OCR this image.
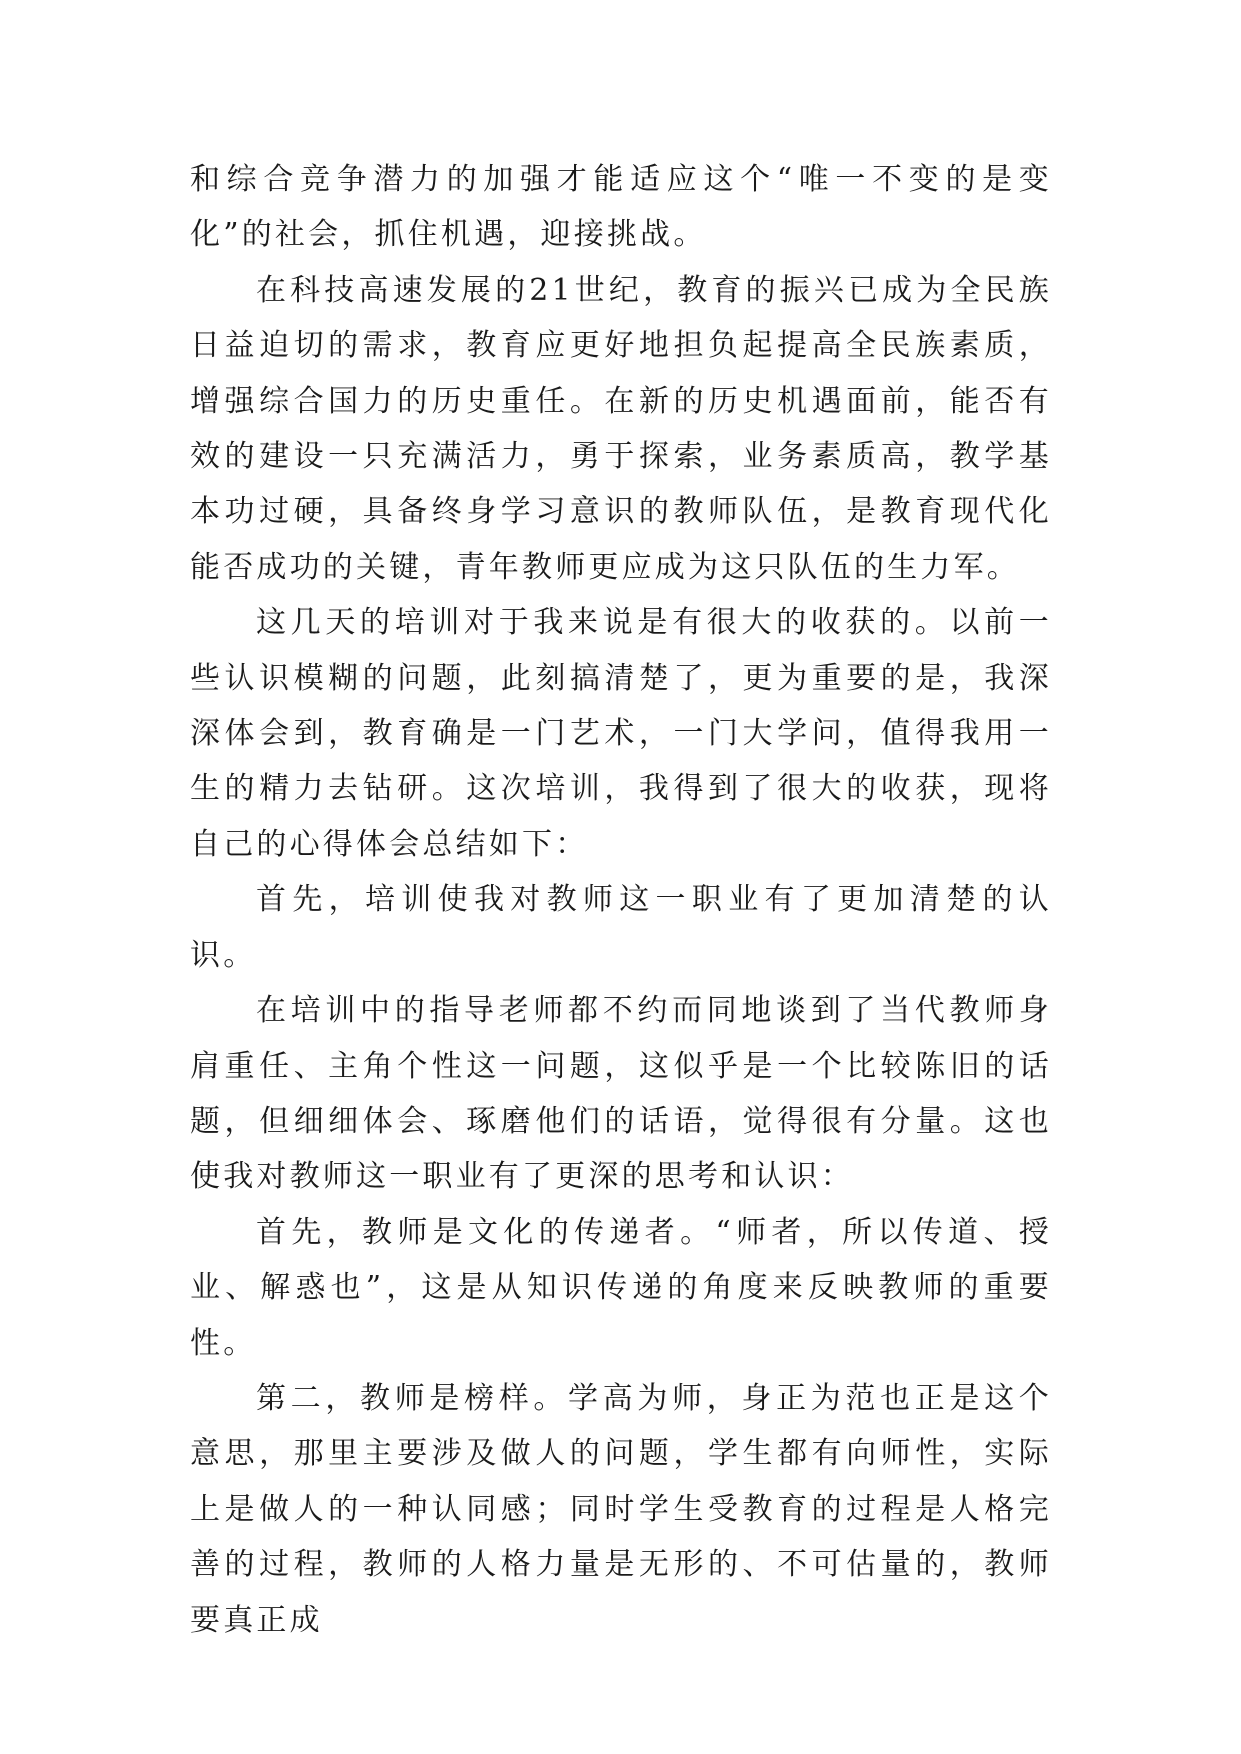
和综合竞争潜力的加强才能适应这个“唯一不变的是变化”的社会，抓住机遇，迎接挑战。

在科技高速发展的21世纪，教育的振兴已成为全民族日益迫切的需求，教育应更好地担负起提高全民族素质，增强综合国力的历史重任。在新的历史机遇面前，能否有效的建设一只充满活力，勇于探索，业务素质高，教学基本功过硬，具备终身学习意识的教师队伍，是教育现代化能否成功的关键，青年教师更应成为这只队伍的生力军。

这几天的培训对于我来说是有很大的收获的。以前一些认识模糊的问题，此刻搞清楚了，更为重要的是，我深深体会到，教育确是一门艺术，一门大学问，值得我用一生的精力去钻研。这次培训，我得到了很大的收获，现将自己的心得体会总结如下：

首先，培训使我对教师这一职业有了更加清楚的认识。

在培训中的指导老师都不约而同地谈到了当代教师身肩重任、主角个性这一问题，这似乎是一个比较陈旧的话题，但细细体会、琢磨他们的话语，觉得很有分量。这也使我对教师这一职业有了更深的思考和认识：

首先，教师是文化的传递者。“师者，所以传道、授业、解惑也”，这是从知识传递的角度来反映教师的重要性。

第二，教师是榜样。学高为师，身正为范也正是这个意思，那里主要涉及做人的问题，学生都有向师性，实际上是做人的一种认同感；同时学生受教育的过程是人格完善的过程，教师的人格力量是无形的、不可估量的，教师要真正成
